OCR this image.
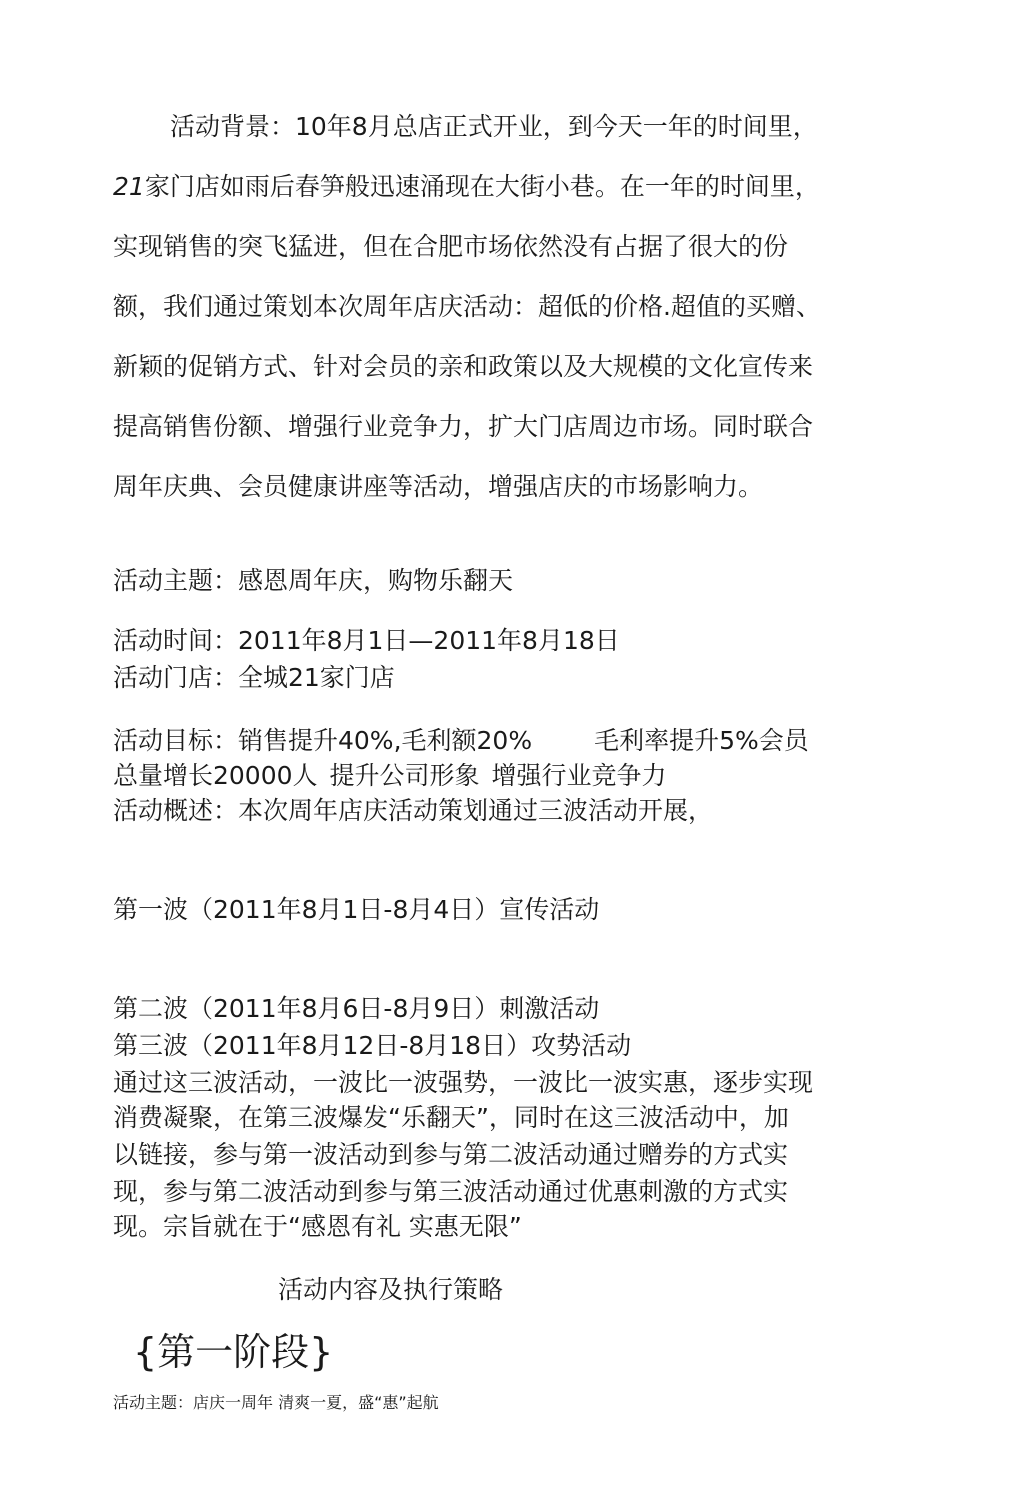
活动背景：10年8月总店正式开业，到今天一年的时间里，
21家门店如雨后春笋般迅速涌现在大街小巷。在一年的时间里，
实现销售的突飞猛进，但在合肥市场依然没有占据了很大的份
额，我们通过策划本次周年店庆活动：超低的价格.超值的买赠、
新颖的促销方式、针对会员的亲和政策以及大规模的文化宣传来
提高销售份额、增强行业竞争力，扩大门店周边市场。同时联合
周年庆典、会员健康讲座等活动，增强店庆的市场影响力。
活动主题：感恩周年庆，购物乐翻天
活动时间：2011年8月1日—2011年8月18日
活动门店：全城21家门店
活动目标：销售提升40%,毛利额20% 毛利率提升5%会员
总量增长20000人 提升公司形象 增强行业竞争力
活动概述：本次周年店庆活动策划通过三波活动开展，
第一波（2011年8月1日-8月4日）宣传活动
第二波（2011年8月6日-8月9日）刺激活动
第三波（2011年8月12日-8月18日）攻势活动
通过这三波活动，一波比一波强势，一波比一波实惠，逐步实现
消费凝聚，在第三波爆发“乐翻天”，同时在这三波活动中，加
以链接，参与第一波活动到参与第二波活动通过赠券的方式实
现，参与第二波活动到参与第三波活动通过优惠刺激的方式实
现。宗旨就在于“感恩有礼 实惠无限”
活动内容及执行策略
{第一阶段}
活动主题：店庆一周年 清爽一夏，盛“惠”起航
